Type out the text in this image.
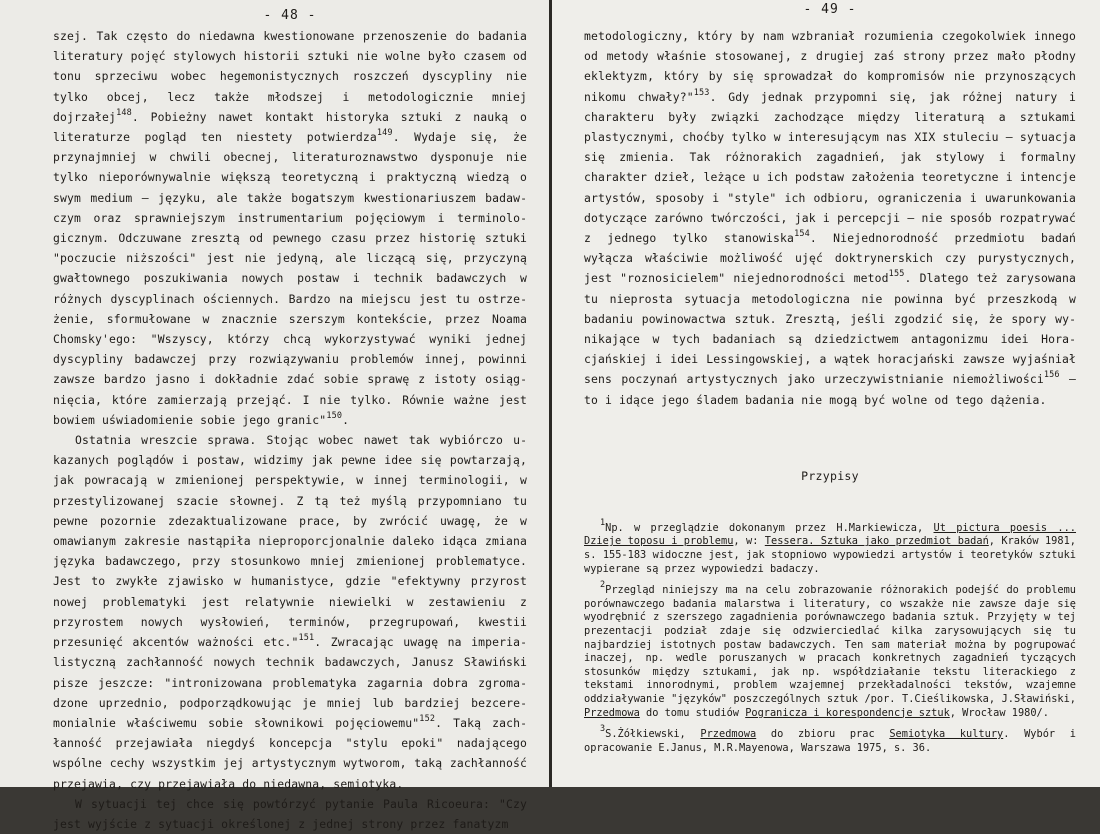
- 48 -

szej. Tak często do niedawna kwestionowane przenoszenie do badania literatury pojęć stylowych historii sztuki nie wolne było czasem od tonu sprzeciwu wobec hegemonistycznych roszczeń dyscypliny nie tylko obcej, lecz także młodszej i metodologicznie mniej dojrzałej$^{148}$. Pobieżny nawet kontakt historyka sztuki z nauką o literaturze pogląd ten niestety potwierdza$^{149}$. Wydaje się, że przynajmniej w chwili obecnej, literaturoznawstwo dysponuje nie tylko nieporównywalnie większą teoretyczną i praktyczną wiedzą o swym medium – języku, ale także bogatszym kwestionariuszem badawczym oraz sprawniejszym instrumentarium pojęciowym i terminologicznym. Odczuwane zresztą od pewnego czasu przez historię sztuki "poczucie niższości" jest nie jedyną, ale liczącą się, przyczyną gwałtownego poszukiwania nowych postaw i technik badawczych w różnych dyscyplinach ościennych. Bardzo na miejscu jest tu ostrzeżenie, sformułowane w znacznie szerszym kontekście, przez Noama Chomsky'ego: "Wszyscy, którzy chcą wykorzystywać wyniki jednej dyscypliny badawczej przy rozwiązywaniu problemów innej, powinni zawsze bardzo jasno i dokładnie zdać sobie sprawę z istoty osiągnięcia, które zamierzają przejąć. I nie tylko. Równie ważne jest bowiem uświadomienie sobie jego granic"$^{150}$.

Ostatnia wreszcie sprawa. Stojąc wobec nawet tak wybiórczo ukazanych poglądów i postaw, widzimy jak pewne idee się powtarzają, jak powracają w zmienionej perspektywie, w innej terminologii, w przestylizowanej szacie słownej. Z tą też myślą przypomniano tu pewne pozornie zdezaktualizowane prace, by zwrócić uwagę, że w omawianym zakresie nastąpiła nieproporcjonalnie daleko idąca zmiana języka badawczego, przy stosunkowo mniej zmienionej problematyce. Jest to zwykłe zjawisko w humanistyce, gdzie "efektywny przyrost nowej problematyki jest relatywnie niewielki w zestawieniu z przyrostem nowych wysłowień, terminów, przegrupowań, kwestii przesunięć akcentów ważności etc."$^{151}$. Zwracając uwagę na imperialistyczną zachłanność nowych technik badawczych, Janusz Sławiński pisze jeszcze: "intronizowana problematyka zagarnia dobra zgromadzone uprzednio, podporządkowując je mniej lub bardziej bezceremonialnie właściwemu sobie słownikowi pojęciowemu"$^{152}$. Taką zachłanność przejawiała niegdyś koncepcja "stylu epoki" nadającego wspólne cechy wszystkim jej artystycznym wytworom, taką zachłanność przejawia, czy przejawiała do niedawna, semiotyka.

W sytuacji tej chce się powtórzyć pytanie Paula Ricoeura: "Czy jest wyjście z sytuacji określonej z jednej strony przez fanatyzm

- 49 -

metodologiczny, który by nam wzbraniał rozumienia czegokolwiek innego od metody właśnie stosowanej, z drugiej zaś strony przez mało płodny eklektyzm, który by się sprowadzał do kompromisów nie przynoszących nikomu chwały?"$^{153}$. Gdy jednak przypomni się, jak różnej natury i charakteru były związki zachodzące między literaturą a sztukami plastycznymi, choćby tylko w interesującym nas XIX stuleciu – sytuacja się zmienia. Tak różnorakich zagadnień, jak stylowy i formalny charakter dzieł, leżące u ich podstaw założenia teoretyczne i intencje artystów, sposoby i "style" ich odbioru, ograniczenia i uwarunkowania dotyczące zarówno twórczości, jak i percepcji – nie sposób rozpatrywać z jednego tylko stanowiska$^{154}$. Niejednorodność przedmiotu badań wyłącza właściwie możliwość ujęć doktrynerskich czy purystycznych, jest "roznosicielem" niejednorodności metod$^{155}$. Dlatego też zarysowana tu nieprosta sytuacja metodologiczna nie powinna być przeszkodą w badaniu powinowactwa sztuk. Zresztą, jeśli zgodzić się, że spory wynikające w tych badaniach są dziedzictwem antagonizmu idei Horacjańskiej i idei Lessingowskiej, a wątek horacjański zawsze wyjaśniał sens poczynań artystycznych jako urzeczywistnianie niemożliwości$^{156}$ – to i idące jego śladem badania nie mogą być wolne od tego dążenia.

Przypisy

$^1$Np. w przeglądzie dokonanym przez H.Markiewicza, Ut pictura poesis ... Dzieje toposu i problemu, w: Tessera. Sztuka jako przedmiot badań, Kraków 1981, s. 155-183 widoczne jest, jak stopniowo wypowiedzi artystów i teoretyków sztuki wypierane są przez wypowiedzi badaczy.

$^2$Przegląd niniejszy ma na celu zobrazowanie różnorakich podejść do problemu porównawczego badania malarstwa i literatury, co wszakże nie zawsze daje się wyodrębnić z szerszego zagadnienia porównawczego badania sztuk. Przyjęty w tej prezentacji podział zdaje się odzwierciedlać kilka zarysowujących się tu najbardziej istotnych postaw badawczych. Ten sam materiał można by pogrupować inaczej, np. wedle poruszanych w pracach konkretnych zagadnień tyczących stosunków między sztukami, jak np. współdziałanie tekstu literackiego z tekstami innorodnymi, problem wzajemnej przekładalności tekstów, wzajemne oddziaływanie "języków" poszczególnych sztuk /por. T.Cieślikowska, J.Sławiński, Przedmowa do tomu studiów Pogranicza i korespondencje sztuk, Wrocław 1980/.

$^3$S.Żółkiewski, Przedmowa do zbioru prac Semiotyka kultury. Wybór i opracowanie E.Janus, M.R.Mayenowa, Warszawa 1975, s. 36.
